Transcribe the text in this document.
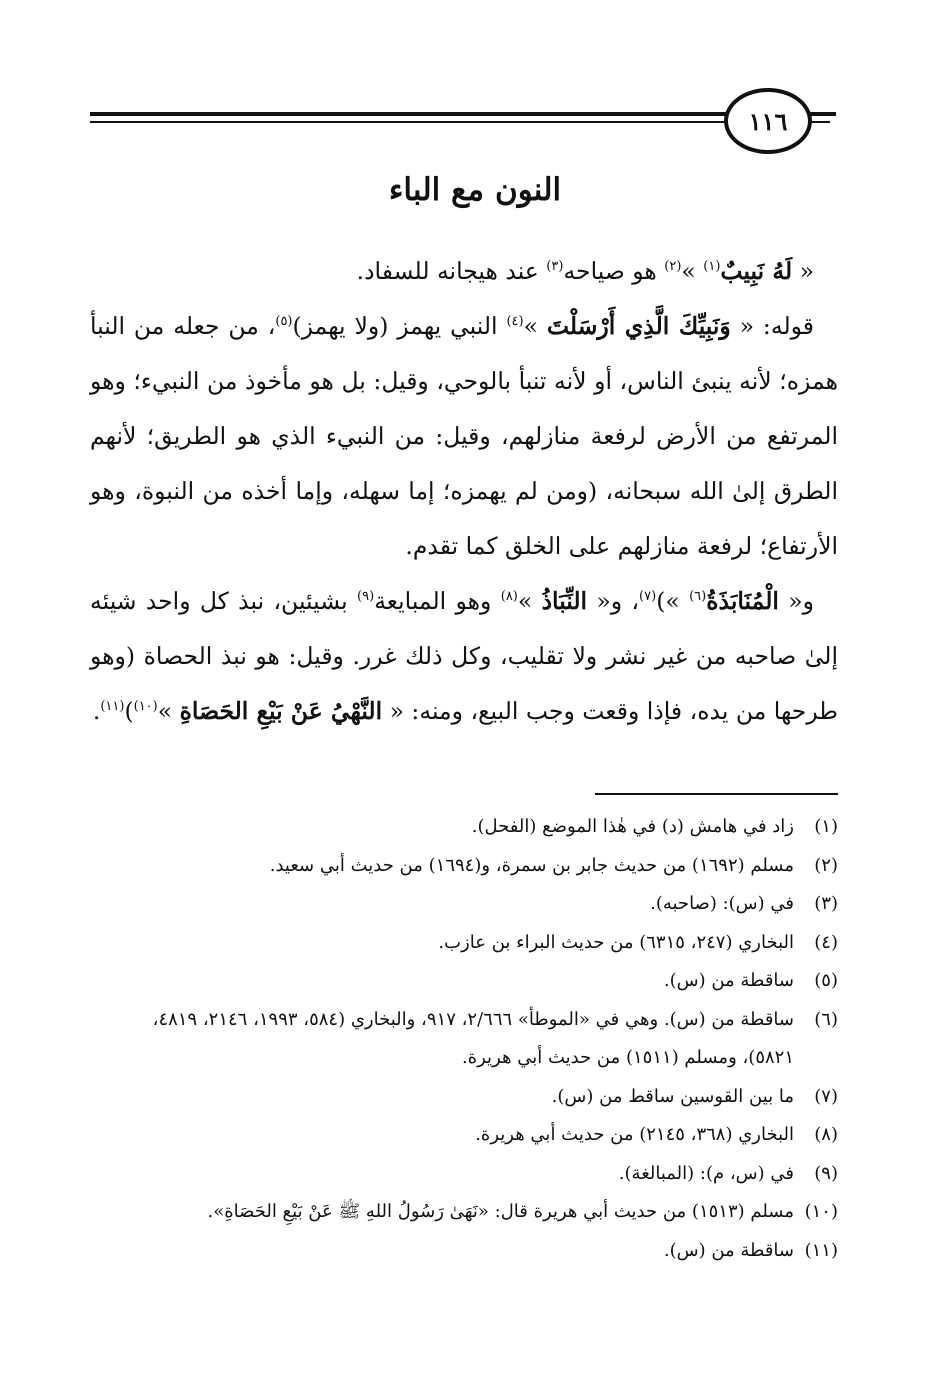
١١٦
النون مع الباء

« لَهُ نَبِيبٌ$^{(١)}$ »$^{(٢)}$ هو صياحه$^{(٣)}$ عند هيجانه للسفاد.

قوله: « وَنَبِيِّكَ الَّذِي أَرْسَلْتَ »$^{(٤)}$ النبي يهمز (ولا يهمز)$^{(٥)}$، من جعله من النبأ همزه؛ لأنه ينبئ الناس، أو لأنه تنبأ بالوحي، وقيل: بل هو مأخوذ من النبيء؛ وهو المرتفع من الأرض لرفعة منازلهم، وقيل: من النبيء الذي هو الطريق؛ لأنهم الطرق إلىٰ الله سبحانه، (ومن لم يهمزه؛ إما سهله، وإما أخذه من النبوة، وهو الأرتفاع؛ لرفعة منازلهم على الخلق كما تقدم.

و« الْمُنَابَذَةُ$^{(٦)}$ »)$^{(٧)}$، و« النِّبَاذُ »$^{(٨)}$ وهو المبايعة$^{(٩)}$ بشيئين، نبذ كل واحد شيئه إلىٰ صاحبه من غير نشر ولا تقليب، وكل ذلك غرر. وقيل: هو نبذ الحصاة (وهو طرحها من يده، فإذا وقعت وجب البيع، ومنه: « النَّهْيُ عَنْ بَيْعِ الحَصَاةِ »$^{(١٠)}$)$^{(١١)}$.

(١)
زاد في هامش (د) في هٰذا الموضع (الفحل).
(٢)
مسلم (١٦٩٢) من حديث جابر بن سمرة، و(١٦٩٤) من حديث أبي سعيد.
(٣)
في (س): (صاحبه).
(٤)
البخاري (٢٤٧، ٦٣١٥) من حديث البراء بن عازب.
(٥)
ساقطة من (س).
(٦)
ساقطة من (س). وهي في «الموطأ» ٢/٦٦٦، ٩١٧، والبخاري (٥٨٤، ١٩٩٣، ٢١٤٦، ٤٨١٩، ٥٨٢١)، ومسلم (١٥١١) من حديث أبي هريرة.
(٧)
ما بين القوسين ساقط من (س).
(٨)
البخاري (٣٦٨، ٢١٤٥) من حديث أبي هريرة.
(٩)
في (س، م): (المبالغة).
(١٠)
مسلم (١٥١٣) من حديث أبي هريرة قال: «نَهَىٰ رَسُولُ اللهِ ﷺ عَنْ بَيْعِ الحَصَاةِ».
(١١)
ساقطة من (س).
